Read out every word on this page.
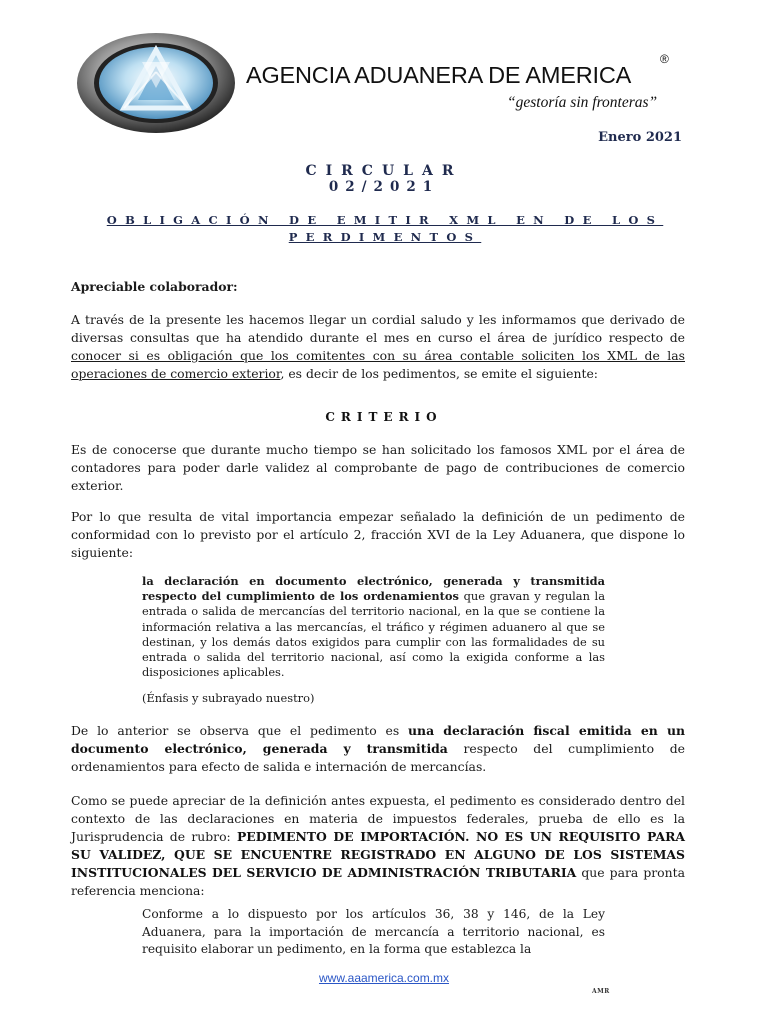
AGENCIA ADUANERA DE AMERICA
®
“gestoría sin fronteras”
Enero 2021
CIRCULAR
02/2021
OBLIGACIÓN DE EMITIR XML EN DE LOS
PERDIMENTOS
Apreciable colaborador:
A través de la presente les hacemos llegar un cordial saludo y les informamos que derivado de diversas consultas que ha atendido durante el mes en curso el área de jurídico respecto de conocer si es obligación que los comitentes con su área contable soliciten los XML de las operaciones de comercio exterior, es decir de los pedimentos, se emite el siguiente:
CRITERIO
Es de conocerse que durante mucho tiempo se han solicitado los famosos XML por el área de contadores para poder darle validez al comprobante de pago de contribuciones de comercio exterior.
Por lo que resulta de vital importancia empezar señalado la definición de un pedimento de conformidad con lo previsto por el artículo 2, fracción XVI de la Ley Aduanera, que dispone lo siguiente:
la declaración en documento electrónico, generada y transmitida respecto del cumplimiento de los ordenamientos que gravan y regulan la entrada o salida de mercancías del territorio nacional, en la que se contiene la información relativa a las mercancías, el tráfico y régimen aduanero al que se destinan, y los demás datos exigidos para cumplir con las formalidades de su entrada o salida del territorio nacional, así como la exigida conforme a las disposiciones aplicables.
(Énfasis y subrayado nuestro)
De lo anterior se observa que el pedimento es una declaración fiscal emitida en un documento electrónico, generada y transmitida respecto del cumplimiento de ordenamientos para efecto de salida e internación de mercancías.
Como se puede apreciar de la definición antes expuesta, el pedimento es considerado dentro del contexto de las declaraciones en materia de impuestos federales, prueba de ello es la Jurisprudencia de rubro: PEDIMENTO DE IMPORTACIÓN. NO ES UN REQUISITO PARA SU VALIDEZ, QUE SE ENCUENTRE REGISTRADO EN ALGUNO DE LOS SISTEMAS INSTITUCIONALES DEL SERVICIO DE ADMINISTRACIÓN TRIBUTARIA que para pronta referencia menciona:
Conforme a lo dispuesto por los artículos 36, 38 y 146, de la Ley Aduanera, para la importación de mercancía a territorio nacional, es requisito elaborar un pedimento, en la forma que establezca la
www.aaamerica.com.mx
AMR
